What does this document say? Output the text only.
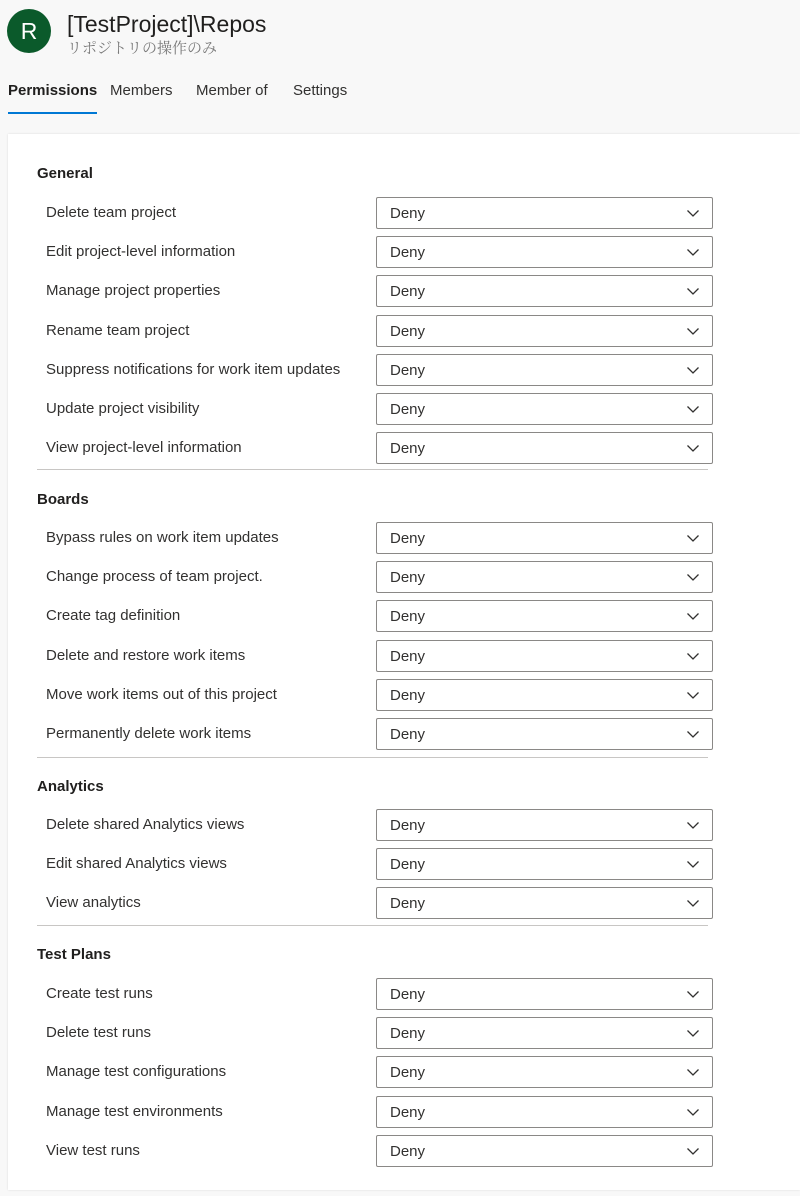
R	[TestProject]\Repos
リポジトリの操作のみ
Permissions Members Member of Settings
General
Delete team project	Deny
Edit project-level information	Deny
Manage project properties	Deny
Rename team project	Deny
Suppress notifications for work item updates	Deny
Update project visibility	Deny
View project-level information	Deny
Boards
Bypass rules on work item updates	Deny
Change process of team project.	Deny
Create tag definition	Deny
Delete and restore work items	Deny
Move work items out of this project	Deny
Permanently delete work items	Deny
Analytics
Delete shared Analytics views	Deny
Edit shared Analytics views	Deny
View analytics	Deny
Test Plans
Create test runs	Deny
Delete test runs	Deny
Manage test configurations	Deny
Manage test environments	Deny
View test runs	Deny
